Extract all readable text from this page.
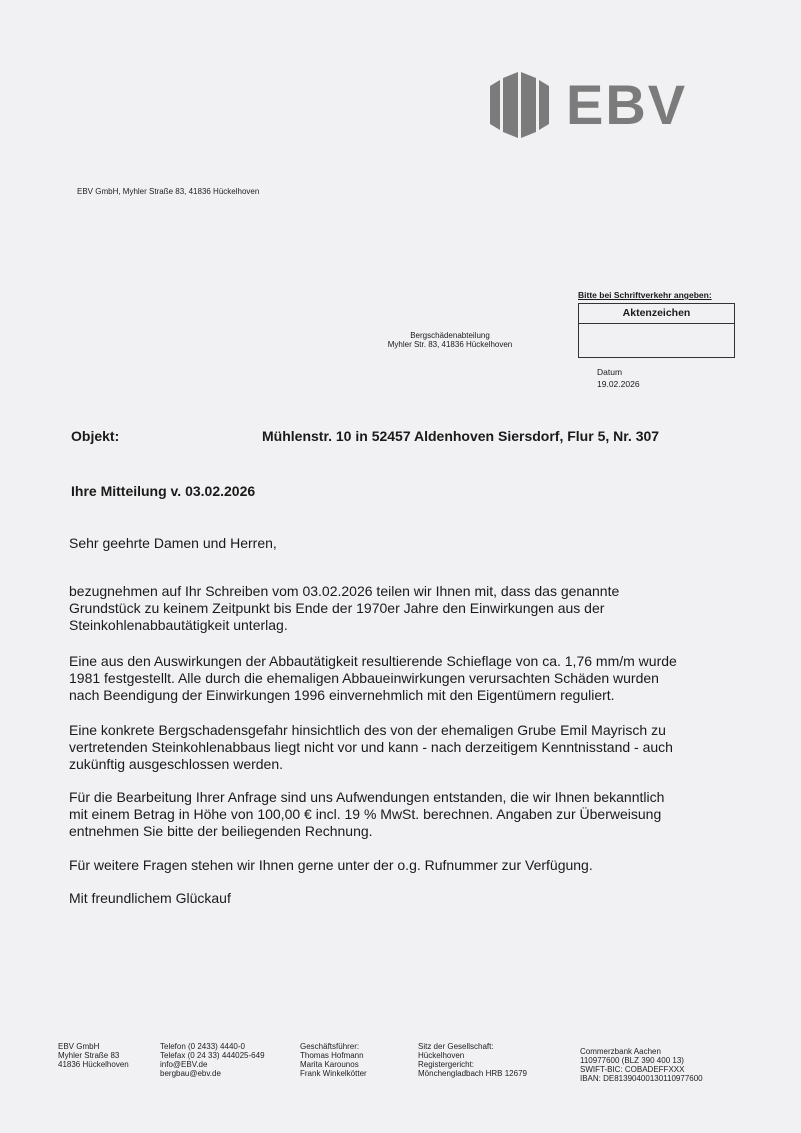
EBV
EBV GmbH, Myhler Straße 83, 41836 Hückelhoven
Bergschädenabteilung
Myhler Str. 83, 41836 Hückelhoven
Bitte bei Schriftverkehr angeben:
Aktenzeichen
Datum
19.02.2026
Objekt:	Mühlenstr. 10 in 52457 Aldenhoven Siersdorf, Flur 5, Nr. 307
Ihre Mitteilung v. 03.02.2026
Sehr geehrte Damen und Herren,

bezugnehmen auf Ihr Schreiben vom 03.02.2026 teilen wir Ihnen mit, dass das genannte

Grundstück zu keinem Zeitpunkt bis Ende der 1970er Jahre den Einwirkungen aus der

Steinkohlenabbautätigkeit unterlag.

Eine aus den Auswirkungen der Abbautätigkeit resultierende Schieflage von ca. 1,76 mm/m wurde

1981 festgestellt. Alle durch die ehemaligen Abbaueinwirkungen verursachten Schäden wurden

nach Beendigung der Einwirkungen 1996 einvernehmlich mit den Eigentümern reguliert.

Eine konkrete Bergschadensgefahr hinsichtlich des von der ehemaligen Grube Emil Mayrisch zu

vertretenden Steinkohlenabbaus liegt nicht vor und kann - nach derzeitigem Kenntnisstand - auch

zukünftig ausgeschlossen werden.

Für die Bearbeitung Ihrer Anfrage sind uns Aufwendungen entstanden, die wir Ihnen bekanntlich

mit einem Betrag in Höhe von 100,00 € incl. 19 % MwSt. berechnen. Angaben zur Überweisung

entnehmen Sie bitte der beiliegenden Rechnung.

Für weitere Fragen stehen wir Ihnen gerne unter der o.g. Rufnummer zur Verfügung.

Mit freundlichem Glückauf
EBV GmbH
Myhler Straße 83
41836 Hückelhoven
Telefon (0 2433) 4440-0
Telefax (0 24 33) 444025-649
info@EBV.de
bergbau@ebv.de
Geschäftsführer:
Thomas Hofmann
Marita Karounos
Frank Winkelkötter
Sitz der Gesellschaft:
Hückelhoven
Registergericht:
Mönchengladbach HRB 12679
Commerzbank Aachen
110977600 (BLZ 390 400 13)
SWIFT-BIC: COBADEFFXXX
IBAN: DE81390400130110977600
